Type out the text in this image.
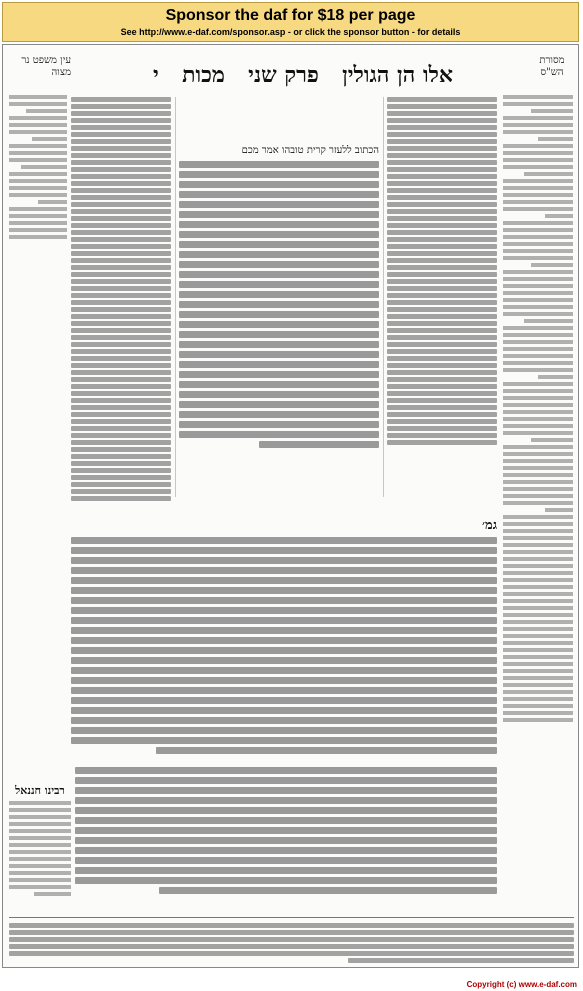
Sponsor the daf for $18 per page
See http://www.e-daf.com/sponsor.asp - or click the sponsor button - for details
עין משפט נר מצוה
מסורת הש"ס
אלו הן הגולין
פרק שני
מכות
י
הכתוב ללעזר קרית טובהו אמר מכם
גמ׳
רבינו חננאל
Copyright (c) www.e-daf.com
